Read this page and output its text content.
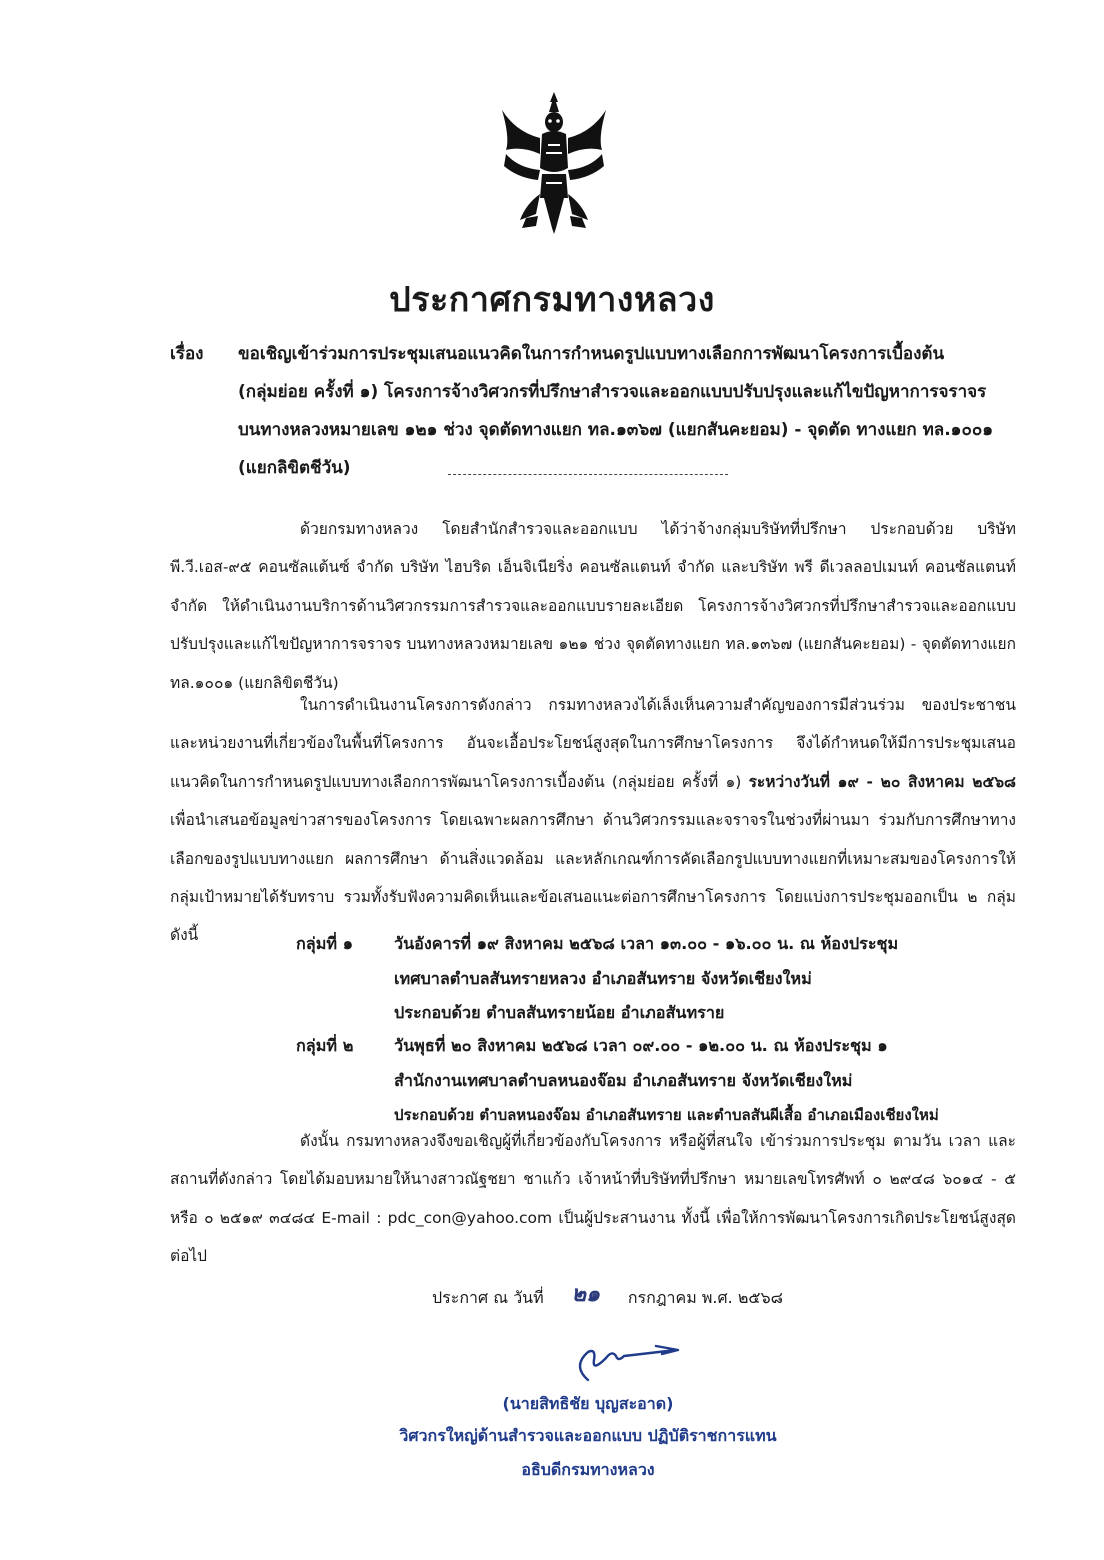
ประกาศกรมทางหลวง
เรื่อง ขอเชิญเข้าร่วมการประชุมเสนอแนวคิดในการกำหนดรูปแบบทางเลือกการพัฒนาโครงการเบื้องต้น
(กลุ่มย่อย ครั้งที่ ๑) โครงการจ้างวิศวกรที่ปรึกษาสำรวจและออกแบบปรับปรุงและแก้ไขปัญหาการจราจร
บนทางหลวงหมายเลข ๑๒๑ ช่วง จุดตัดทางแยก ทล.๑๓๖๗ (แยกสันคะยอม) - จุดตัด ทางแยก ทล.๑๐๐๑
(แยกลิขิตชีวัน)
ด้วยกรมทางหลวง โดยสำนักสำรวจและออกแบบ ได้ว่าจ้างกลุ่มบริษัทที่ปรึกษา ประกอบด้วย บริษัท พี.วี.เอส-๙๕ คอนซัลแต้นซ์ จำกัด บริษัท ไฮบริด เอ็นจิเนียริ่ง คอนซัลแตนท์ จำกัด และบริษัท พรี ดีเวลลอปเมนท์ คอนซัลแตนท์ จำกัด ให้ดำเนินงานบริการด้านวิศวกรรมการสำรวจและออกแบบรายละเอียด โครงการจ้างวิศวกรที่ปรึกษาสำรวจและออกแบบปรับปรุงและแก้ไขปัญหาการจราจร บนทางหลวงหมายเลข ๑๒๑ ช่วง จุดตัดทางแยก ทล.๑๓๖๗ (แยกสันคะยอม) - จุดตัดทางแยก ทล.๑๐๐๑ (แยกลิขิตชีวัน)
ในการดำเนินงานโครงการดังกล่าว กรมทางหลวงได้เล็งเห็นความสำคัญของการมีส่วนร่วม ของประชาชน และหน่วยงานที่เกี่ยวข้องในพื้นที่โครงการ อันจะเอื้อประโยชน์สูงสุดในการศึกษาโครงการ จึงได้กำหนดให้มีการประชุมเสนอแนวคิดในการกำหนดรูปแบบทางเลือกการพัฒนาโครงการเบื้องต้น (กลุ่มย่อย ครั้งที่ ๑) ระหว่างวันที่ ๑๙ - ๒๐ สิงหาคม ๒๕๖๘ เพื่อนำเสนอข้อมูลข่าวสารของโครงการ โดยเฉพาะผลการศึกษา ด้านวิศวกรรมและจราจรในช่วงที่ผ่านมา ร่วมกับการศึกษาทางเลือกของรูปแบบทางแยก ผลการศึกษา ด้านสิ่งแวดล้อม และหลักเกณฑ์การคัดเลือกรูปแบบทางแยกที่เหมาะสมของโครงการให้กลุ่มเป้าหมายได้รับทราบ รวมทั้งรับฟังความคิดเห็นและข้อเสนอแนะต่อการศึกษาโครงการ โดยแบ่งการประชุมออกเป็น ๒ กลุ่ม ดังนี้	กลุ่มที่ ๑	วันอังคารที่ ๑๙ สิงหาคม ๒๕๖๘ เวลา ๑๓.๐๐ - ๑๖.๐๐ น. ณ ห้องประชุม
เทศบาลตำบลสันทรายหลวง อำเภอสันทราย จังหวัดเชียงใหม่
ประกอบด้วย ตำบลสันทรายน้อย อำเภอสันทราย
กลุ่มที่ ๒	วันพุธที่ ๒๐ สิงหาคม ๒๕๖๘ เวลา ๐๙.๐๐ - ๑๒.๐๐ น. ณ ห้องประชุม ๑
สำนักงานเทศบาลตำบลหนองจ๊อม อำเภอสันทราย จังหวัดเชียงใหม่
ประกอบด้วย ตำบลหนองจ๊อม อำเภอสันทราย และตำบลสันผีเสื้อ อำเภอเมืองเชียงใหม่
ดังนั้น กรมทางหลวงจึงขอเชิญผู้ที่เกี่ยวข้องกับโครงการ หรือผู้ที่สนใจ เข้าร่วมการประชุม ตามวัน เวลา และสถานที่ดังกล่าว โดยได้มอบหมายให้นางสาวณัฐชยา ชาแก้ว เจ้าหน้าที่บริษัทที่ปรึกษา หมายเลขโทรศัพท์ ๐ ๒๙๔๘ ๖๐๑๔ - ๕ หรือ ๐ ๒๕๑๙ ๓๔๘๔ E-mail : pdc_con@yahoo.com เป็นผู้ประสานงาน ทั้งนี้ เพื่อให้การพัฒนาโครงการเกิดประโยชน์สูงสุดต่อไป
ประกาศ ณ วันที่ ๒๑ กรกฎาคม พ.ศ. ๒๕๖๘
(นายสิทธิชัย บุญสะอาด)
วิศวกรใหญ่ด้านสำรวจและออกแบบ ปฏิบัติราชการแทน
อธิบดีกรมทางหลวง
